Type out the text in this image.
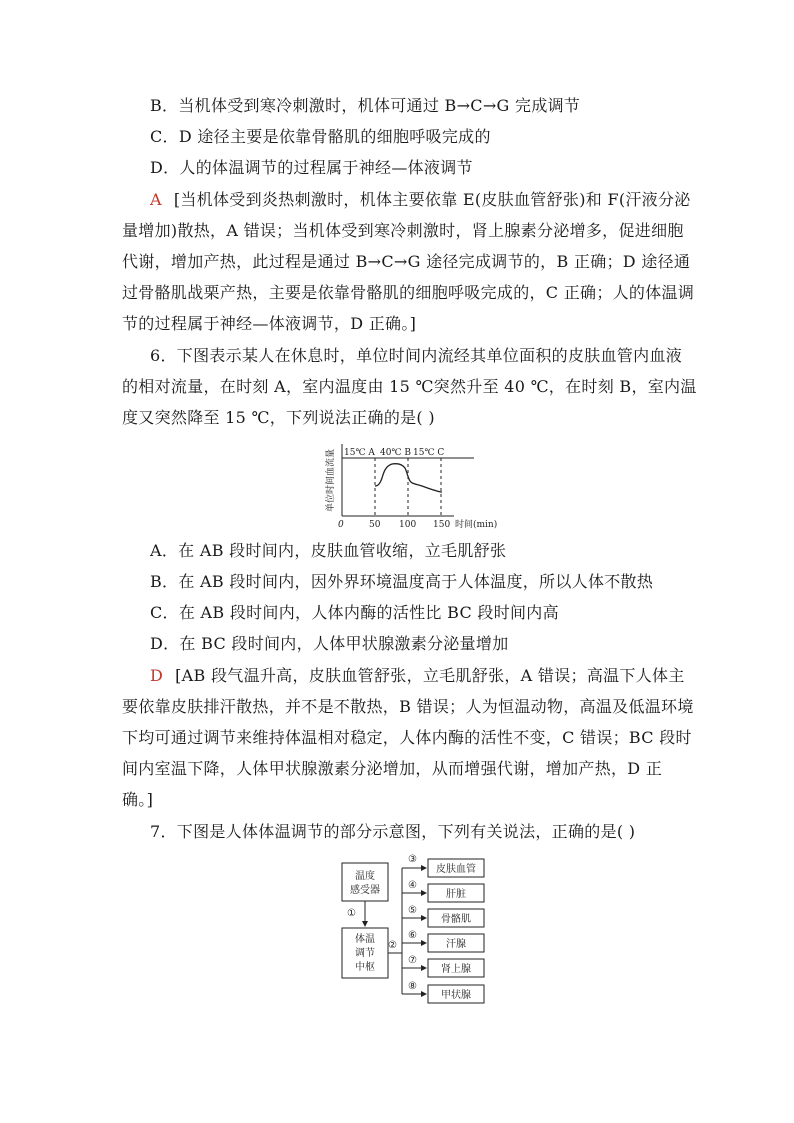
B．当机体受到寒冷刺激时，机体可通过 B→C→G 完成调节
C．D 途径主要是依靠骨骼肌的细胞呼吸完成的
D．人的体温调节的过程属于神经—体液调节
A [当机体受到炎热刺激时，机体主要依靠 E(皮肤血管舒张)和 F(汗液分泌
量增加)散热，A 错误；当机体受到寒冷刺激时，肾上腺素分泌增多，促进细胞
代谢，增加产热，此过程是通过 B→C→G 途径完成调节的，B 正确；D 途径通
过骨骼肌战栗产热，主要是依靠骨骼肌的细胞呼吸完成的，C 正确；人的体温调
节的过程属于神经—体液调节，D 正确。]
6．下图表示某人在休息时，单位时间内流经其单位面积的皮肤血管内血液
的相对流量，在时刻 A，室内温度由 15 ℃突然升至 40 ℃，在时刻 B，室内温
度又突然降至 15 ℃，下列说法正确的是( )
单位时间血流量 15℃ A 40℃ B 15℃ C
0	50 100 150 时间(min)
A．在 AB 段时间内，皮肤血管收缩，立毛肌舒张
B．在 AB 段时间内，因外界环境温度高于人体温度，所以人体不散热
C．在 AB 段时间内，人体内酶的活性比 BC 段时间内高
D．在 BC 段时间内，人体甲状腺激素分泌量增加
D [AB 段气温升高，皮肤血管舒张，立毛肌舒张，A 错误；高温下人体主
要依靠皮肤排汗散热，并不是不散热，B 错误；人为恒温动物，高温及低温环境
下均可通过调节来维持体温相对稳定，人体内酶的活性不变，C 错误；BC 段时
间内室温下降，人体甲状腺激素分泌增加，从而增强代谢，增加产热，D 正
确。]
7．下图是人体体温调节的部分示意图，下列有关说法，正确的是( )
温度
感受器
①
体温
调节
中枢
②
③
④
⑤
⑥
⑦
⑧
皮肤血管
肝脏
骨骼肌
汗腺
肾上腺
甲状腺
